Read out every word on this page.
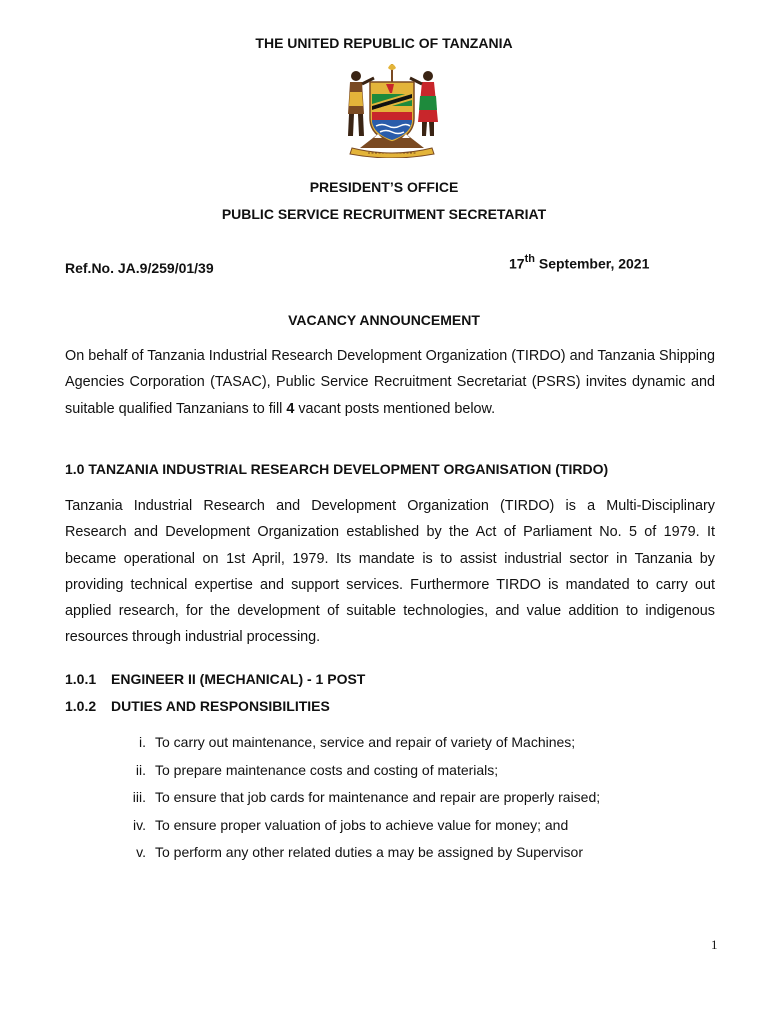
THE UNITED REPUBLIC OF TANZANIA
PRESIDENT’S OFFICE
PUBLIC SERVICE RECRUITMENT SECRETARIAT
Ref.No. JA.9/259/01/39	17th September, 2021
VACANCY ANNOUNCEMENT
On behalf of Tanzania Industrial Research Development Organization (TIRDO) and Tanzania Shipping Agencies Corporation (TASAC), Public Service Recruitment Secretariat (PSRS) invites dynamic and suitable qualified Tanzanians to fill 4 vacant posts mentioned below.
1.0 TANZANIA INDUSTRIAL RESEARCH DEVELOPMENT ORGANISATION (TIRDO)
Tanzania Industrial Research and Development Organization (TIRDO) is a Multi-Disciplinary Research and Development Organization established by the Act of Parliament No. 5 of 1979. It became operational on 1st April, 1979. Its mandate is to assist industrial sector in Tanzania by providing technical expertise and support services. Furthermore TIRDO is mandated to carry out applied research, for the development of suitable technologies, and value addition to indigenous resources through industrial processing.
1.0.1 ENGINEER II (MECHANICAL) - 1 POST
1.0.2 DUTIES AND RESPONSIBILITIES
i. To carry out maintenance, service and repair of variety of Machines;
ii. To prepare maintenance costs and costing of materials;
iii. To ensure that job cards for maintenance and repair are properly raised;
iv. To ensure proper valuation of jobs to achieve value for money; and
v. To perform any other related duties a may be assigned by Supervisor
1
